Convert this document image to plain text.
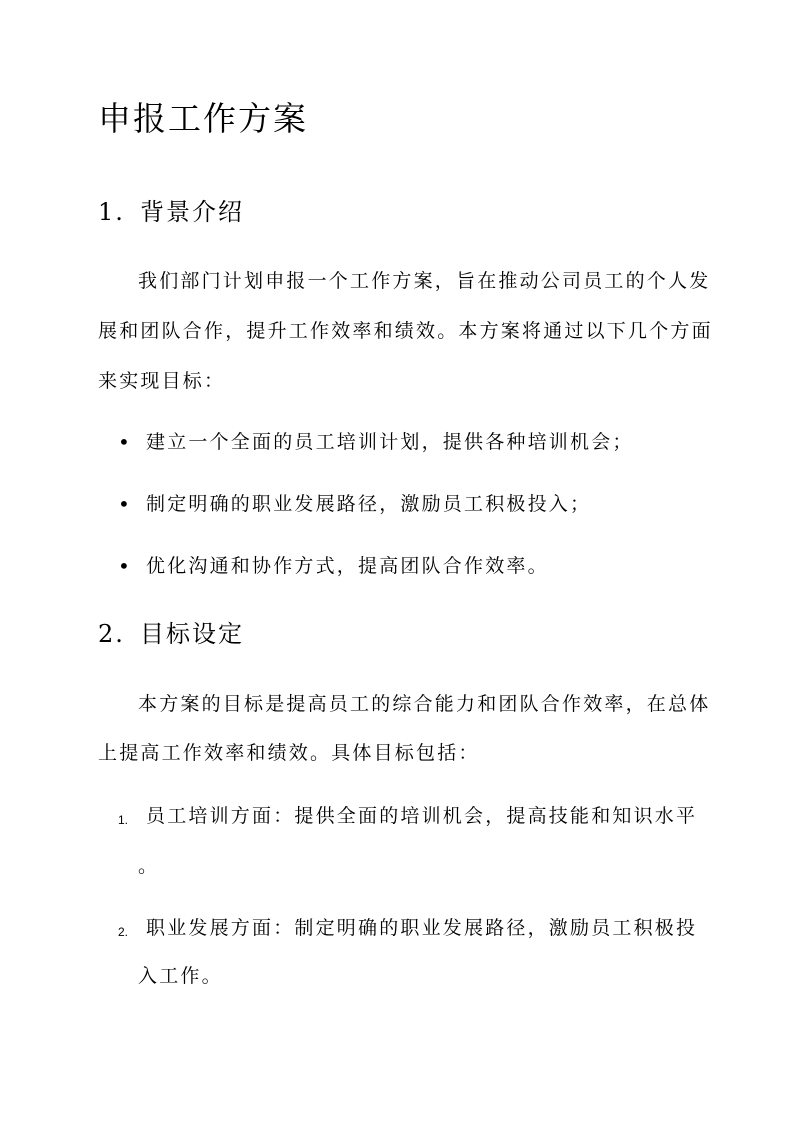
申报工作方案
1. 背景介绍
我们部门计划申报一个工作方案，旨在推动公司员工的个人发
展和团队合作，提升工作效率和绩效。本方案将通过以下几个方面
来实现目标：
• 建立一个全面的员工培训计划，提供各种培训机会；
• 制定明确的职业发展路径，激励员工积极投入；
• 优化沟通和协作方式，提高团队合作效率。
2. 目标设定
本方案的目标是提高员工的综合能力和团队合作效率，在总体
上提高工作效率和绩效。具体目标包括：
1. 员工培训方面：提供全面的培训机会，提高技能和知识水平
。
2. 职业发展方面：制定明确的职业发展路径，激励员工积极投
入工作。
